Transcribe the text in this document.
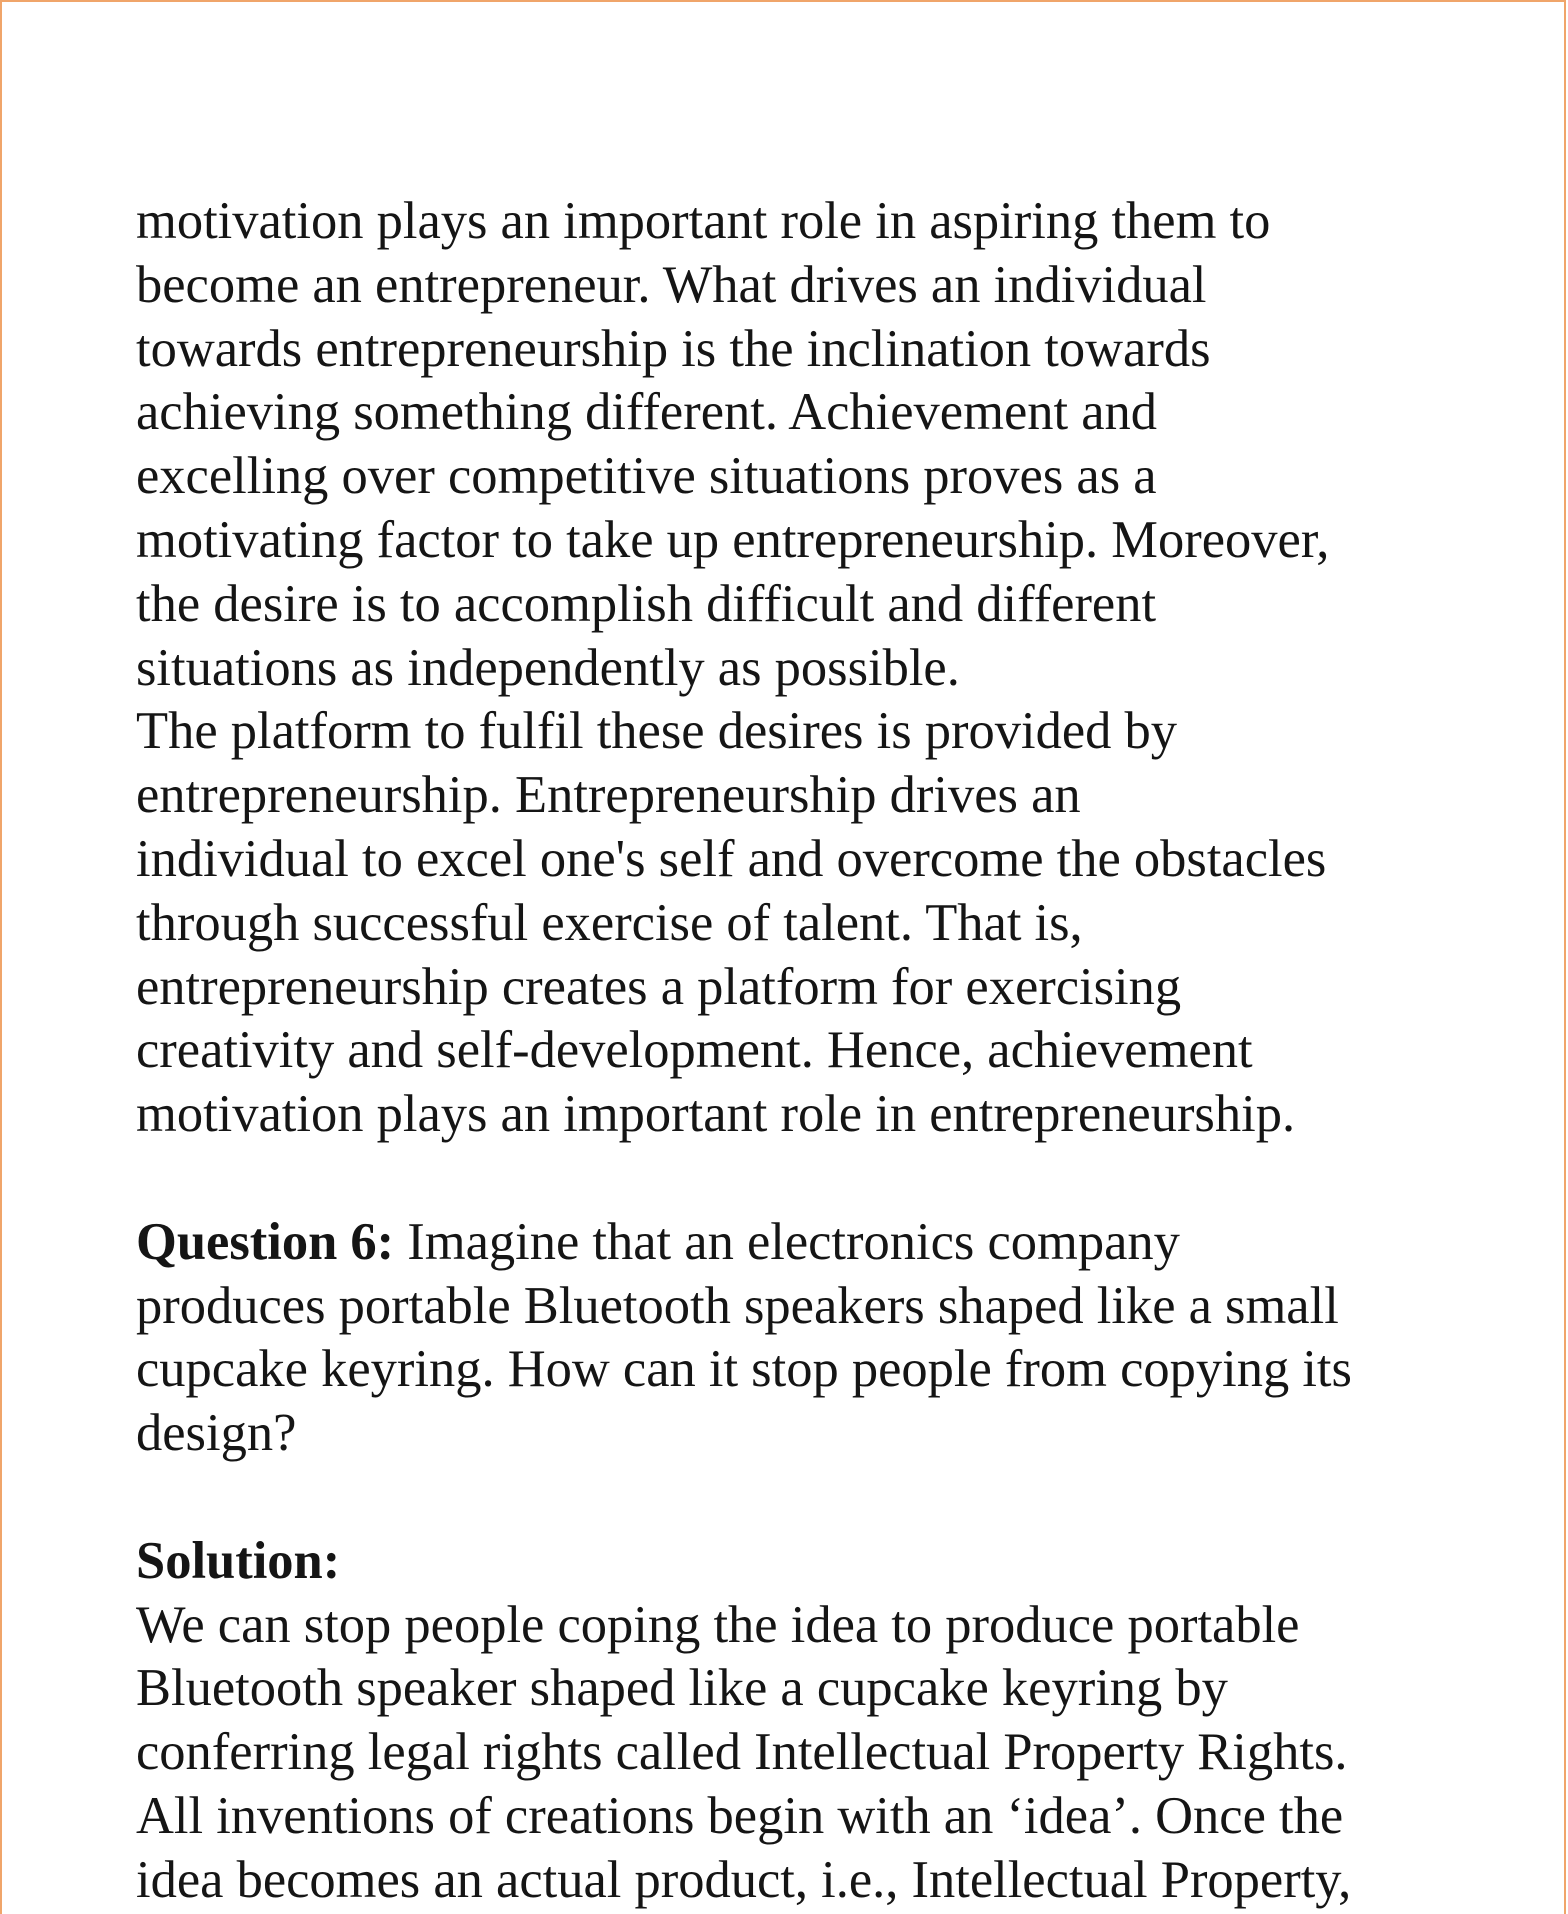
motivation plays an important role in aspiring them to
become an entrepreneur. What drives an individual
towards entrepreneurship is the inclination towards
achieving something different. Achievement and
excelling over competitive situations proves as a
motivating factor to take up entrepreneurship. Moreover,
the desire is to accomplish difficult and different
situations as independently as possible.
The platform to fulfil these desires is provided by
entrepreneurship. Entrepreneurship drives an
individual to excel one's self and overcome the obstacles
through successful exercise of talent. That is,
entrepreneurship creates a platform for exercising
creativity and self-development. Hence, achievement
motivation plays an important role in entrepreneurship.
Question 6: Imagine that an electronics company
produces portable Bluetooth speakers shaped like a small
cupcake keyring. How can it stop people from copying its
design?
Solution:
We can stop people coping the idea to produce portable
Bluetooth speaker shaped like a cupcake keyring by
conferring legal rights called Intellectual Property Rights.
All inventions of creations begin with an ‘idea’. Once the
idea becomes an actual product, i.e., Intellectual Property,
